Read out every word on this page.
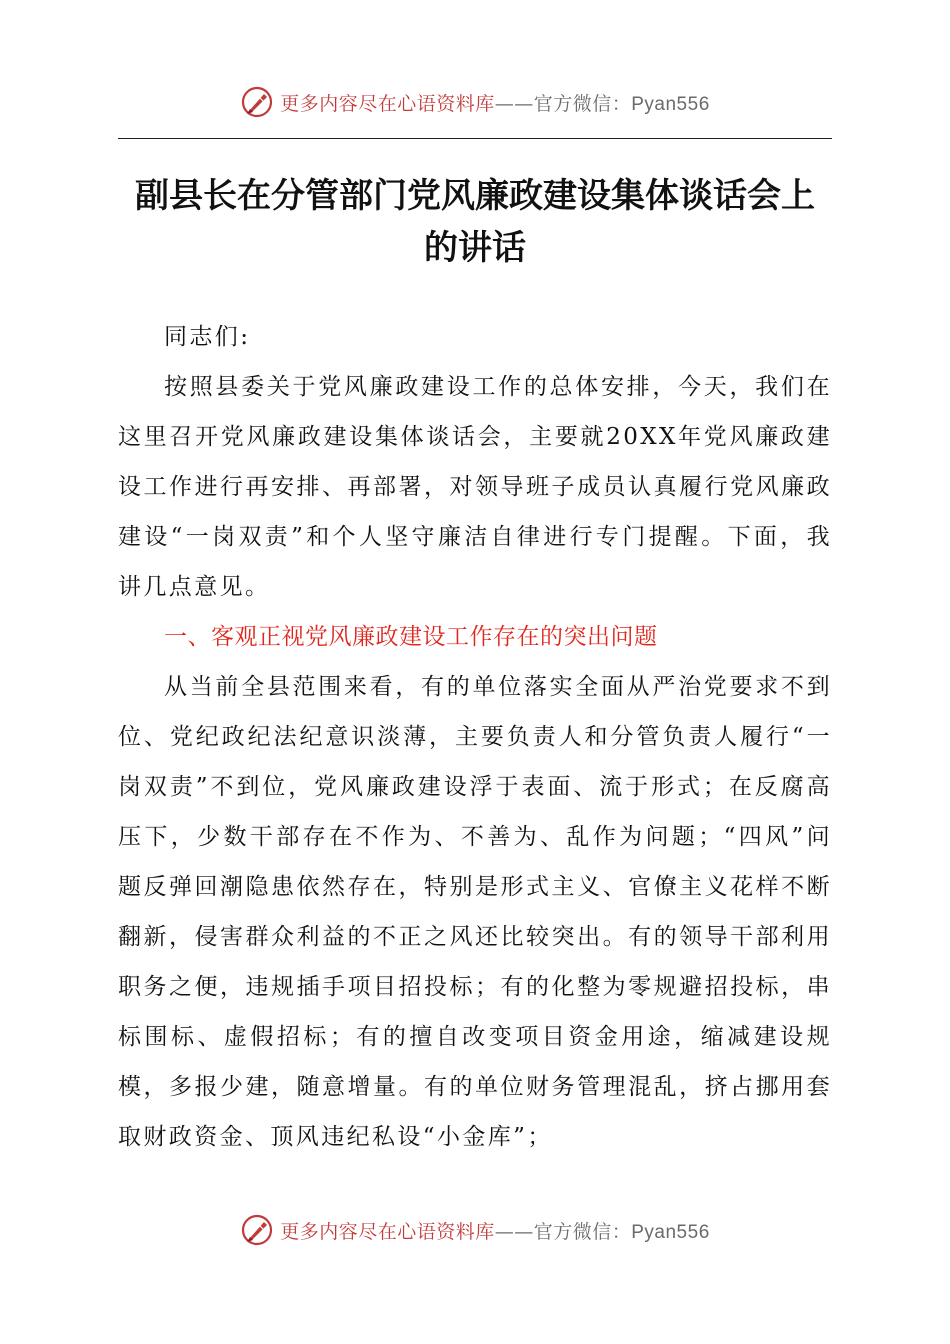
更多内容尽在心语资料库——官方微信：Pyan556
副县长在分管部门党风廉政建设集体谈话会上
的讲话

同志们:

按照县委关于党风廉政建设工作的总体安排，今天，我们在这里召开党风廉政建设集体谈话会，主要就20XX年党风廉政建设工作进行再安排、再部署，对领导班子成员认真履行党风廉政建设“一岗双责”和个人坚守廉洁自律进行专门提醒。下面，我讲几点意见。

一、客观正视党风廉政建设工作存在的突出问题

从当前全县范围来看，有的单位落实全面从严治党要求不到位、党纪政纪法纪意识淡薄，主要负责人和分管负责人履行“一岗双责”不到位，党风廉政建设浮于表面、流于形式；在反腐高压下，少数干部存在不作为、不善为、乱作为问题；“四风”问题反弹回潮隐患依然存在，特别是形式主义、官僚主义花样不断翻新，侵害群众利益的不正之风还比较突出。有的领导干部利用职务之便，违规插手项目招投标；有的化整为零规避招投标，串标围标、虚假招标；有的擅自改变项目资金用途，缩减建设规模，多报少建，随意增量。有的单位财务管理混乱，挤占挪用套取财政资金、顶风违纪私设“小金库”；

更多内容尽在心语资料库——官方微信：Pyan556
